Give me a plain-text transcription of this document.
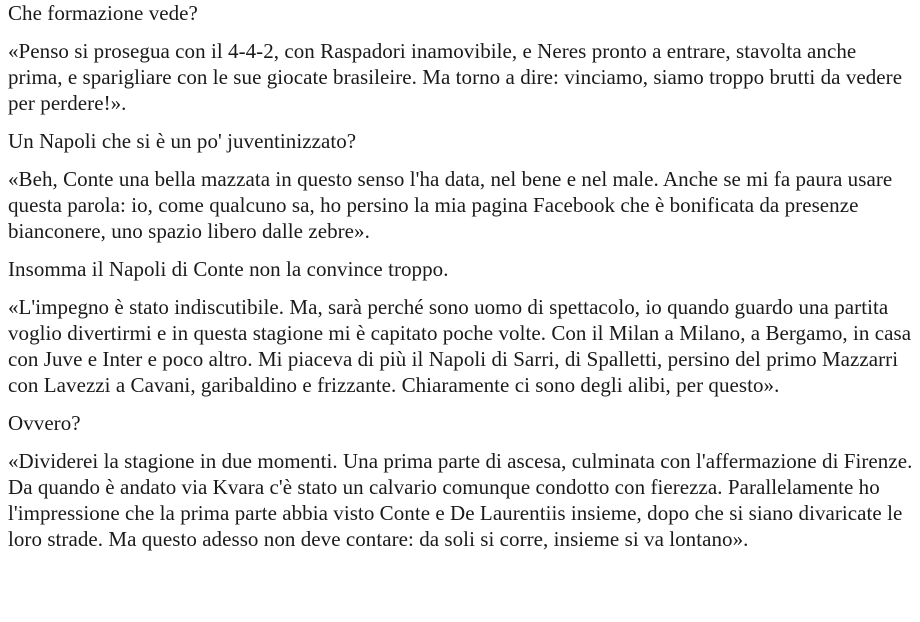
Che formazione vede?

«Penso si prosegua con il 4-4-2, con Raspadori inamovibile, e Neres pronto a entrare, stavolta anche prima, e sparigliare con le sue giocate brasileire. Ma torno a dire: vinciamo, siamo troppo brutti da vedere per perdere!».

Un Napoli che si è un po' juventinizzato?

«Beh, Conte una bella mazzata in questo senso l'ha data, nel bene e nel male. Anche se mi fa paura usare questa parola: io, come qualcuno sa, ho persino la mia pagina Facebook che è bonificata da presenze bianconere, uno spazio libero dalle zebre».

Insomma il Napoli di Conte non la convince troppo.

«L'impegno è stato indiscutibile. Ma, sarà perché sono uomo di spettacolo, io quando guardo una partita voglio divertirmi e in questa stagione mi è capitato poche volte. Con il Milan a Milano, a Bergamo, in casa con Juve e Inter e poco altro. Mi piaceva di più il Napoli di Sarri, di Spalletti, persino del primo Mazzarri con Lavezzi a Cavani, garibaldino e frizzante. Chiaramente ci sono degli alibi, per questo».

Ovvero?

«Dividerei la stagione in due momenti. Una prima parte di ascesa, culminata con l'affermazione di Firenze. Da quando è andato via Kvara c'è stato un calvario comunque condotto con fierezza. Parallelamente ho l'impressione che la prima parte abbia visto Conte e De Laurentiis insieme, dopo che si siano divaricate le loro strade. Ma questo adesso non deve contare: da soli si corre, insieme si va lontano».
